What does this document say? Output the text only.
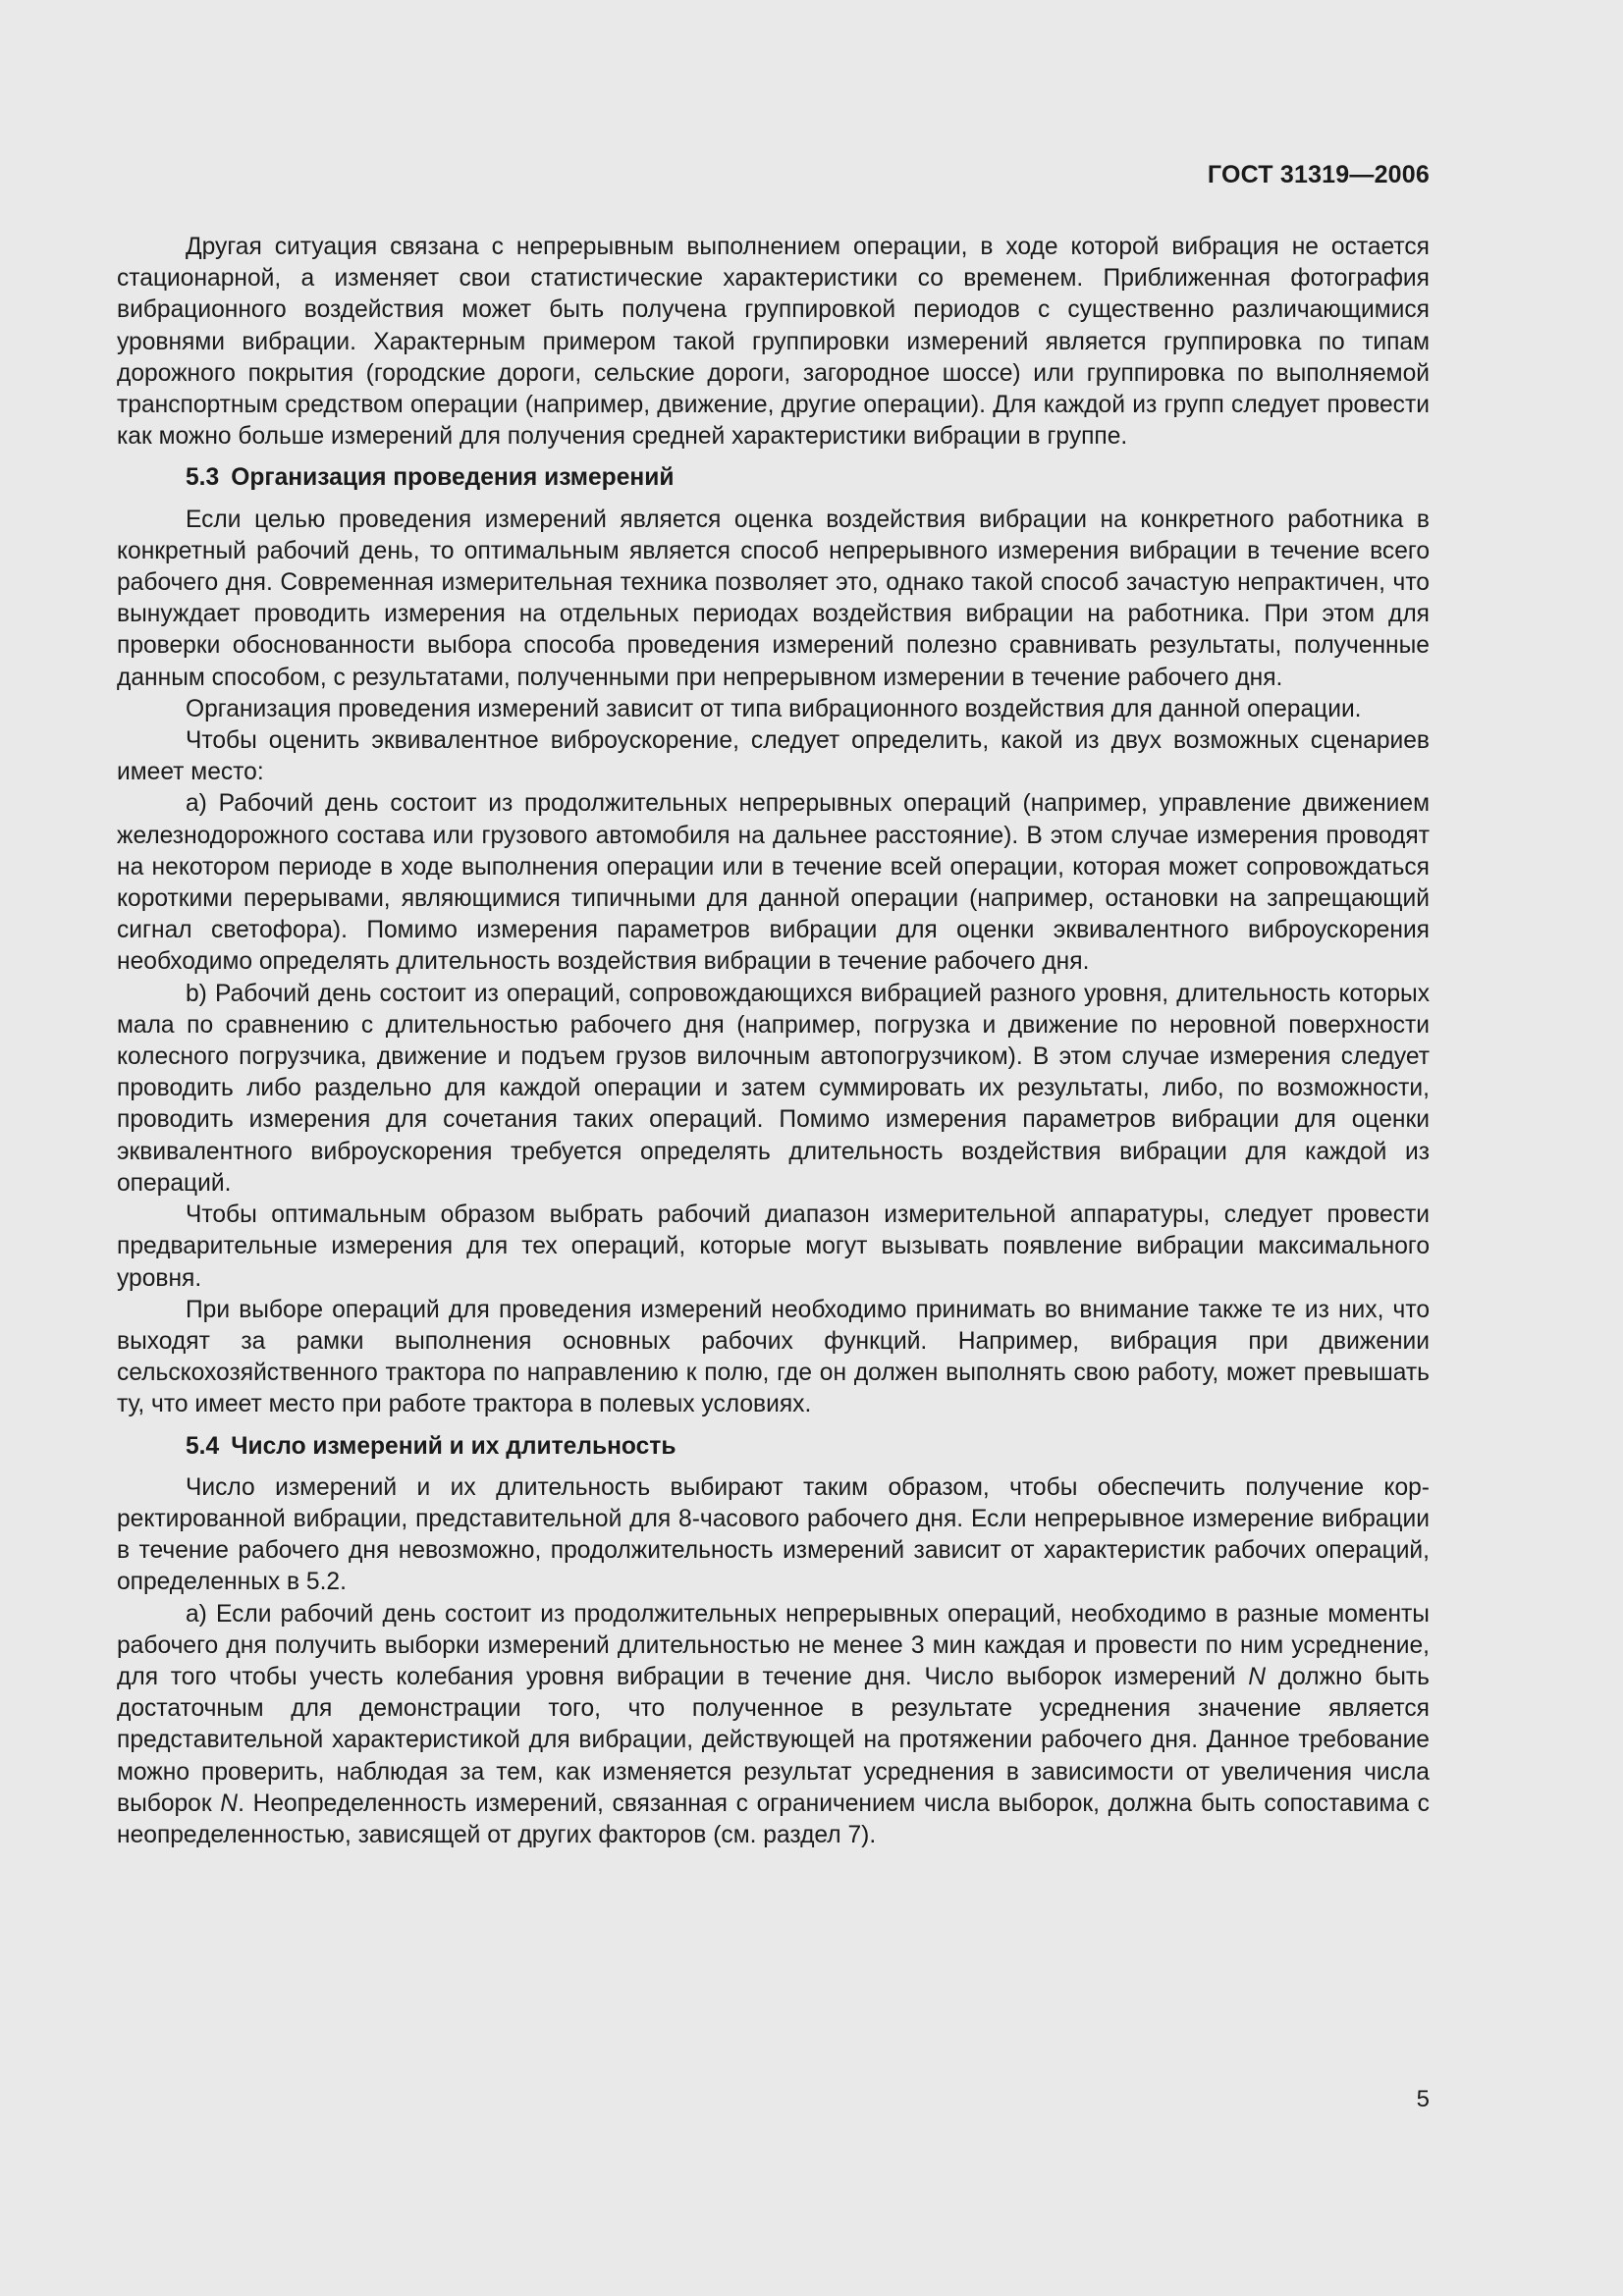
ГОСТ 31319—2006

Другая ситуация связана с непрерывным выполнением операции, в ходе которой вибрация не остается стационарной, а изменяет свои статистические характеристики со временем. Приближенная фотография вибрационного воздействия может быть получена группировкой периодов с существенно различающимися уровнями вибрации. Характерным примером такой группировки измерений является группировка по типам дорожного покрытия (городские дороги, сельские дороги, загородное шоссе) или группировка по выполняемой транспортным средством операции (например, движение, другие операции). Для каждой из групп следует провести как можно больше измерений для получения средней характеристики вибрации в группе.

5.3 Организация проведения измерений

Если целью проведения измерений является оценка воздействия вибрации на конкретного работника в конкретный рабочий день, то оптимальным является способ непрерывного измерения вибрации в течение всего рабочего дня. Современная измерительная техника позволяет это, однако такой способ зачастую непрактичен, что вынуждает проводить измерения на отдельных периодах воздействия вибрации на работника. При этом для проверки обоснованности выбора способа проведения измерений полезно сравнивать результаты, полученные данным способом, с результатами, полученными при непрерывном измерении в течение рабочего дня.

Организация проведения измерений зависит от типа вибрационного воздействия для данной операции.

Чтобы оценить эквивалентное виброускорение, следует определить, какой из двух возможных сценариев имеет место:

а) Рабочий день состоит из продолжительных непрерывных операций (например, управление движением железнодорожного состава или грузового автомобиля на дальнее расстояние). В этом случае измерения проводят на некотором периоде в ходе выполнения операции или в течение всей операции, которая может сопровождаться короткими перерывами, являющимися типичными для данной операции (например, остановки на запрещающий сигнал светофора). Помимо измерения параметров вибрации для оценки эквивалентного виброускорения необходимо определять длительность воздействия вибрации в течение рабочего дня.

b) Рабочий день состоит из операций, сопровождающихся вибрацией разного уровня, длительность которых мала по сравнению с длительностью рабочего дня (например, погрузка и движение по неровной поверхности колесного погрузчика, движение и подъем грузов вилочным автопогрузчиком). В этом случае измерения следует проводить либо раздельно для каждой операции и затем суммировать их результаты, либо, по возможности, проводить измерения для сочетания таких операций. Помимо измерения параметров вибрации для оценки эквивалентного виброускорения требуется определять длительность воздействия вибрации для каждой из операций.

Чтобы оптимальным образом выбрать рабочий диапазон измерительной аппаратуры, следует провести предварительные измерения для тех операций, которые могут вызывать появление вибрации максимального уровня.

При выборе операций для проведения измерений необходимо принимать во внимание также те из них, что выходят за рамки выполнения основных рабочих функций. Например, вибрация при движении сельскохозяйственного трактора по направлению к полю, где он должен выполнять свою работу, может превышать ту, что имеет место при работе трактора в полевых условиях.

5.4 Число измерений и их длительность

Число измерений и их длительность выбирают таким образом, чтобы обеспечить получение корректированной вибрации, представительной для 8-часового рабочего дня. Если непрерывное измерение вибрации в течение рабочего дня невозможно, продолжительность измерений зависит от характеристик рабочих операций, определенных в 5.2.

а) Если рабочий день состоит из продолжительных непрерывных операций, необходимо в разные моменты рабочего дня получить выборки измерений длительностью не менее 3 мин каждая и провести по ним усреднение, для того чтобы учесть колебания уровня вибрации в течение дня. Число выборок измерений N должно быть достаточным для демонстрации того, что полученное в результате усреднения значение является представительной характеристикой для вибрации, действующей на протяжении рабочего дня. Данное требование можно проверить, наблюдая за тем, как изменяется результат усреднения в зависимости от увеличения числа выборок N. Неопределенность измерений, связанная с ограничением числа выборок, должна быть сопоставима с неопределенностью, зависящей от других факторов (см. раздел 7).

5
